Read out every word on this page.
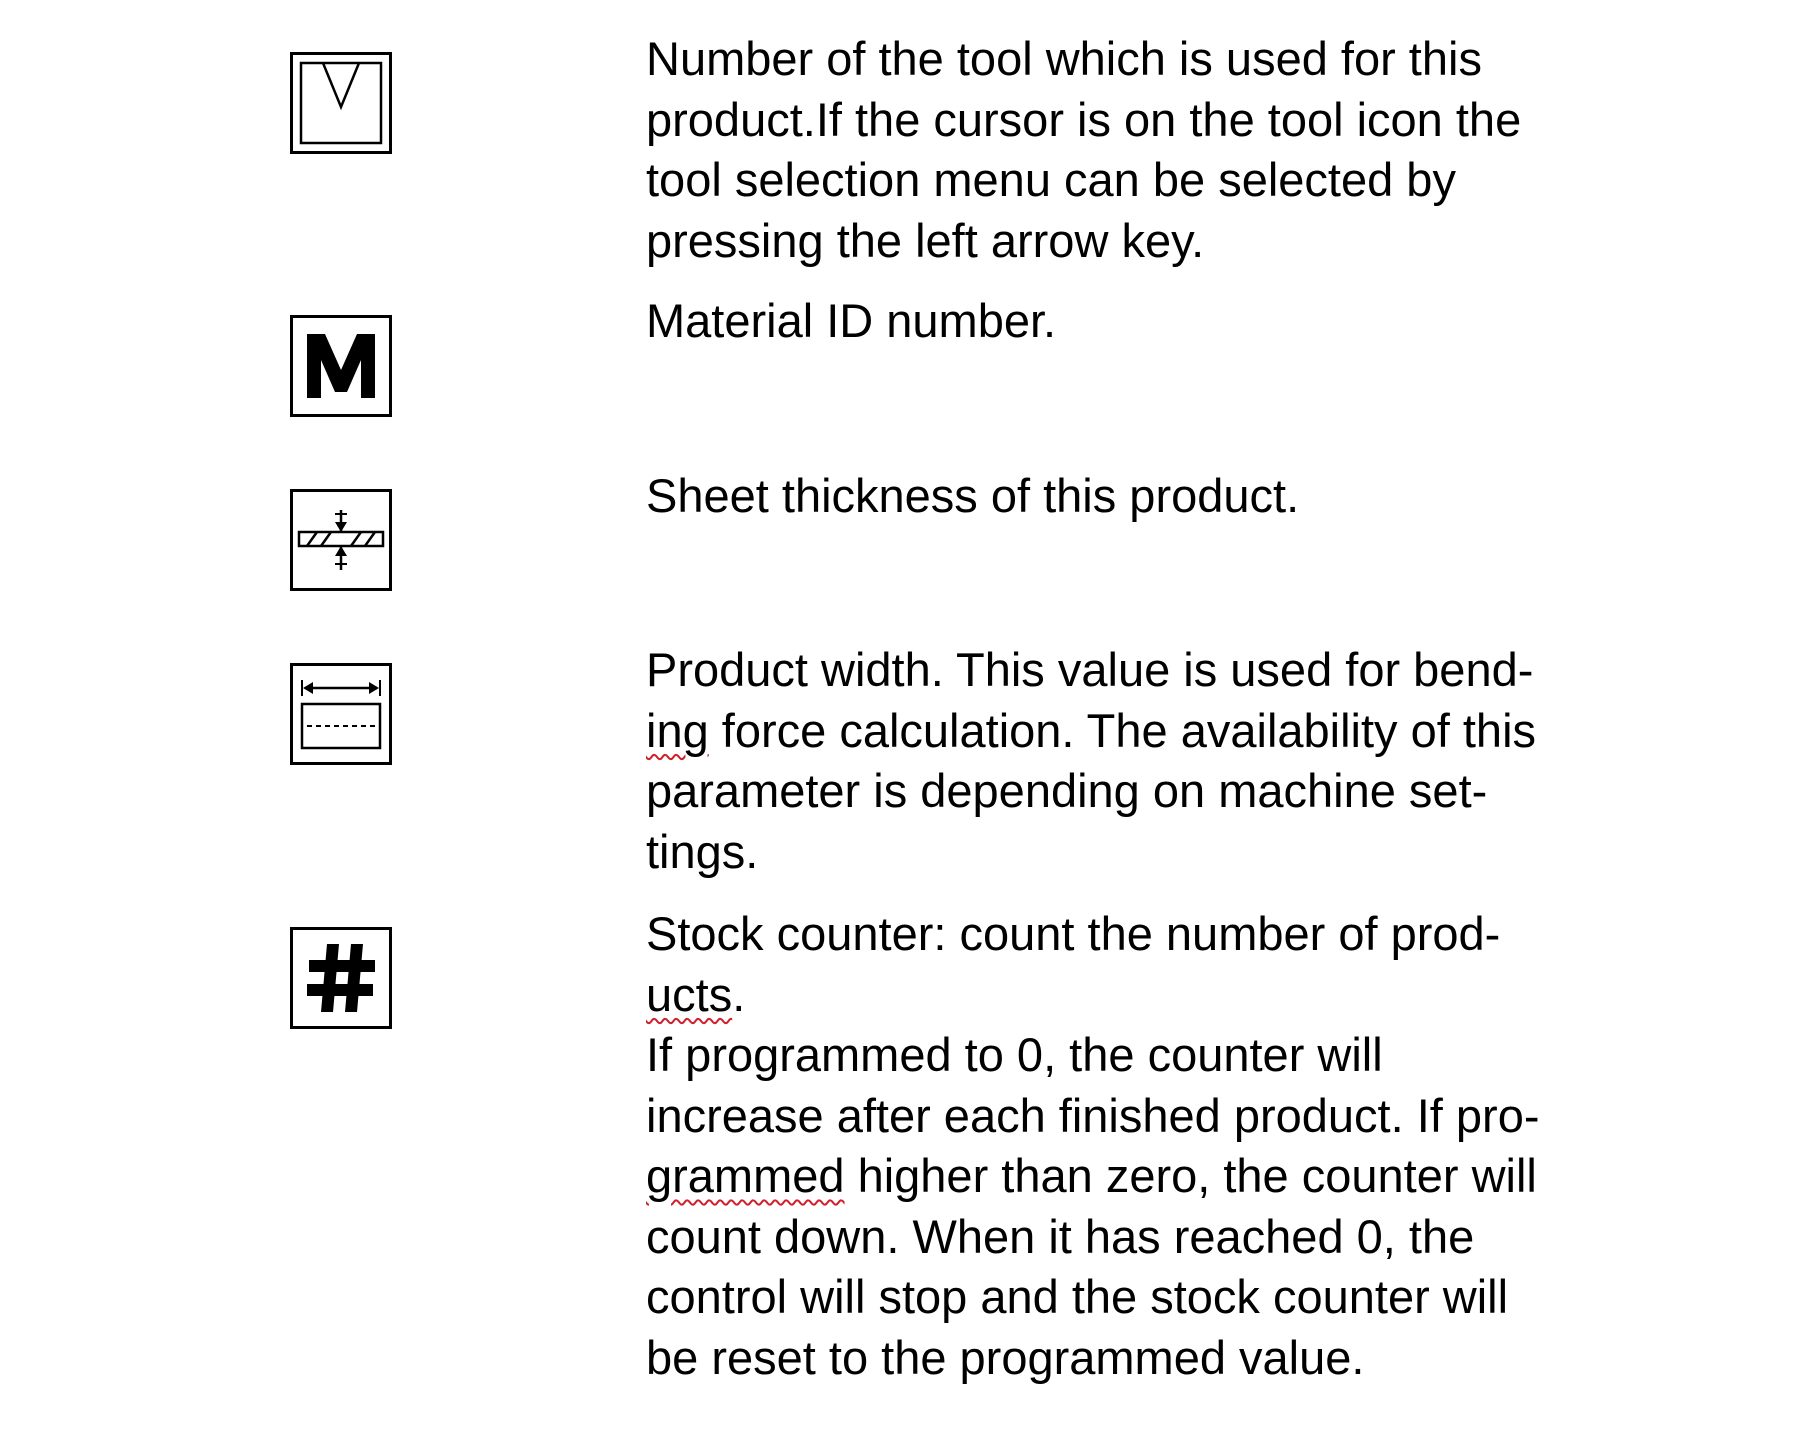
Number of the tool which is used for this
product.If the cursor is on the tool icon the
tool selection menu can be selected by
pressing the left arrow key.

Material ID number.

Sheet thickness of this product.

Product width. This value is used for bend-
ing force calculation. The availability of this
parameter is depending on machine set-
tings.

Stock counter: count the number of prod-
ucts.
If programmed to 0, the counter will
increase after each finished product. If pro-
grammed higher than zero, the counter will
count down. When it has reached 0, the
control will stop and the stock counter will
be reset to the programmed value.
